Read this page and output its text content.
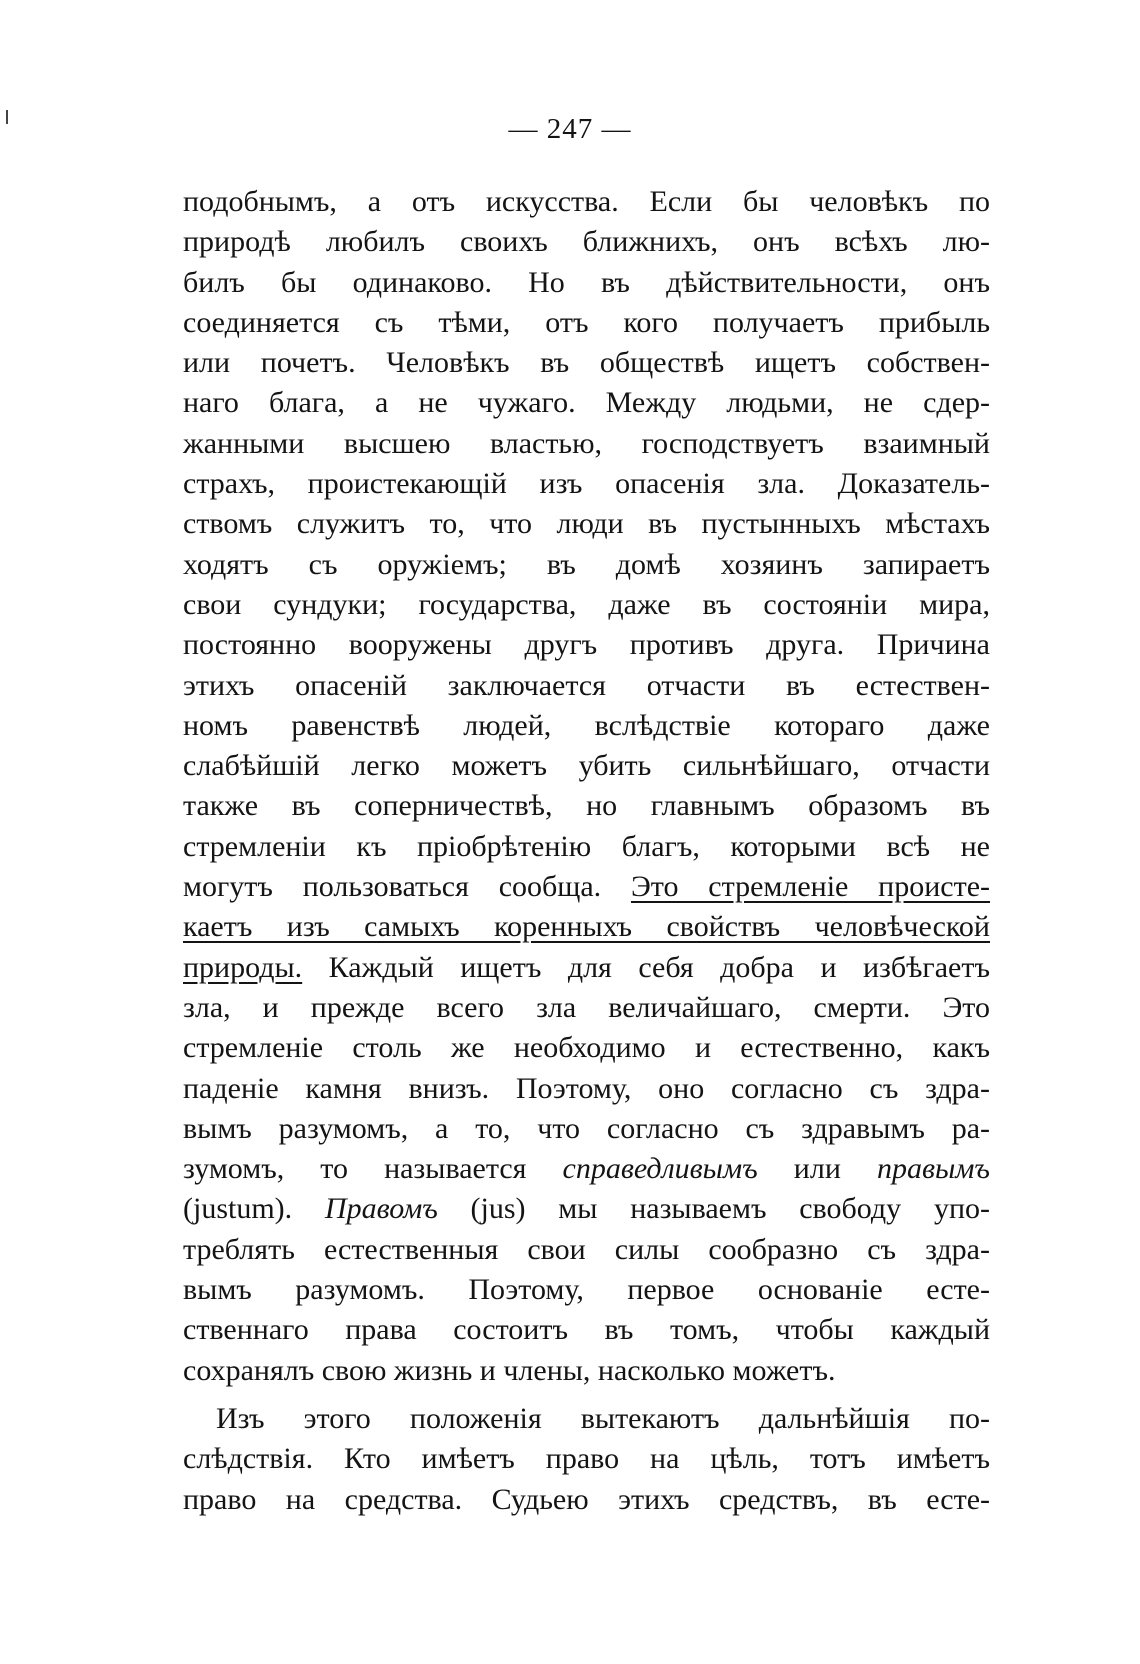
— 247 —
подобнымъ, а отъ искусства. Если бы человѣкъ по
природѣ любилъ своихъ ближнихъ, онъ всѣхъ лю-
билъ бы одинаково. Но въ дѣйствительности, онъ
соединяется съ тѣми, отъ кого получаетъ прибыль
или почетъ. Человѣкъ въ обществѣ ищетъ собствен-
наго блага, а не чужаго. Между людьми, не сдер-
жанными высшею властью, господствуетъ взаимный
страхъ, проистекающій изъ опасенія зла. Доказатель-
ствомъ служитъ то, что люди въ пустынныхъ мѣстахъ
ходятъ съ оружіемъ; въ домѣ хозяинъ запираетъ
свои сундуки; государства, даже въ состояніи мира,
постоянно вооружены другъ противъ друга. Причина
этихъ опасеній заключается отчасти въ естествен-
номъ равенствѣ людей, вслѣдствіе котораго даже
слабѣйшій легко можетъ убить сильнѣйшаго, отчасти
также въ соперничествѣ, но главнымъ образомъ въ
стремленіи къ пріобрѣтенію благъ, которыми всѣ не
могутъ пользоваться сообща. Это стремленіе происте-
каетъ изъ самыхъ коренныхъ свойствъ человѣческой
природы. Каждый ищетъ для себя добра и избѣгаетъ
зла, и прежде всего зла величайшаго, смерти. Это
стремленіе столь же необходимо и естественно, какъ
паденіе камня внизъ. Поэтому, оно согласно съ здра-
вымъ разумомъ, а то, что согласно съ здравымъ ра-
зумомъ, то называется справедливымъ или правымъ
(justum). Правомъ (jus) мы называемъ свободу упо-
треблять естественныя свои силы сообразно съ здра-
вымъ разумомъ. Поэтому, первое основаніе есте-
ственнаго права состоитъ въ томъ, чтобы каждый
сохранялъ свою жизнь и члены, насколько можетъ.
Изъ этого положенія вытекаютъ дальнѣйшія по-
слѣдствія. Кто имѣетъ право на цѣль, тотъ имѣетъ
право на средства. Судьею этихъ средствъ, въ есте-
